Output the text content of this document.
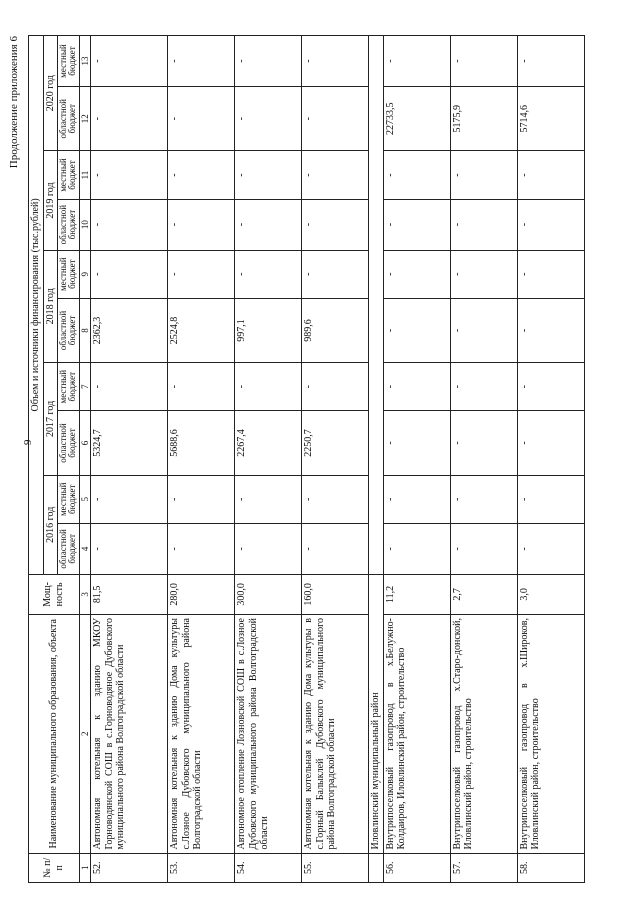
9
Продолжение приложения 6
№ п/п	Наименование муниципального образования, объекта	Мощ-ность	Объем и источники финансирования (тыс.рублей)									
			2016 год		2017 год		2018 год		2019 год		2020 год	
			областной бюджет	местный бюджет	областной бюджет	местный бюджет	областной бюджет	местный бюджет	областной бюджет	местный бюджет	областной бюджет	местный бюджет
1	2	3	4	5	6	7	8	9	10	11	12	13
52.	Автономная котельная к зданию МКОУ Горноводянской СОШ в с.Горноводяное Дубовского муниципального района Волгоградской области	81,5	-	-	5324,7	-	2362,3	-	-	-	-	-
53.	Автономная котельная к зданию Дома культуры с.Лозное Дубовского муниципального района Волгоградской области	280,0	-	-	5688,6	-	2524,8	-	-	-	-	-
54.	Автономное отопление Лозновской СОШ в с.Лозное Дубовского муниципального района Волгоградской области	300,0	-	-	2267,4	-	997,1	-	-	-	-	-
55.	Автономная котельная к зданию Дома культуры в с.Горный Балыклей Дубовского муниципального района Волгоградской области	160,0	-	-	2250,7	-	989,6	-	-	-	-	-
	Иловлинский муниципальный район											
56.	Внутрипоселковый газопровод в х.Белужно-Колдаиров, Иловлинский район, строительство	11,2	-	-	-	-	-	-	-	-	22733,5	-
57.	Внутрипоселковый газопровод х.Старо-донской, Иловлинский район, строительство	2,7	-	-	-	-	-	-	-	-	5175,9	-
58.	Внутрипоселковый газопровод в х.Широков, Иловлинский район, строительство	3,0	-	-	-	-	-	-	-	-	5714,6	-
